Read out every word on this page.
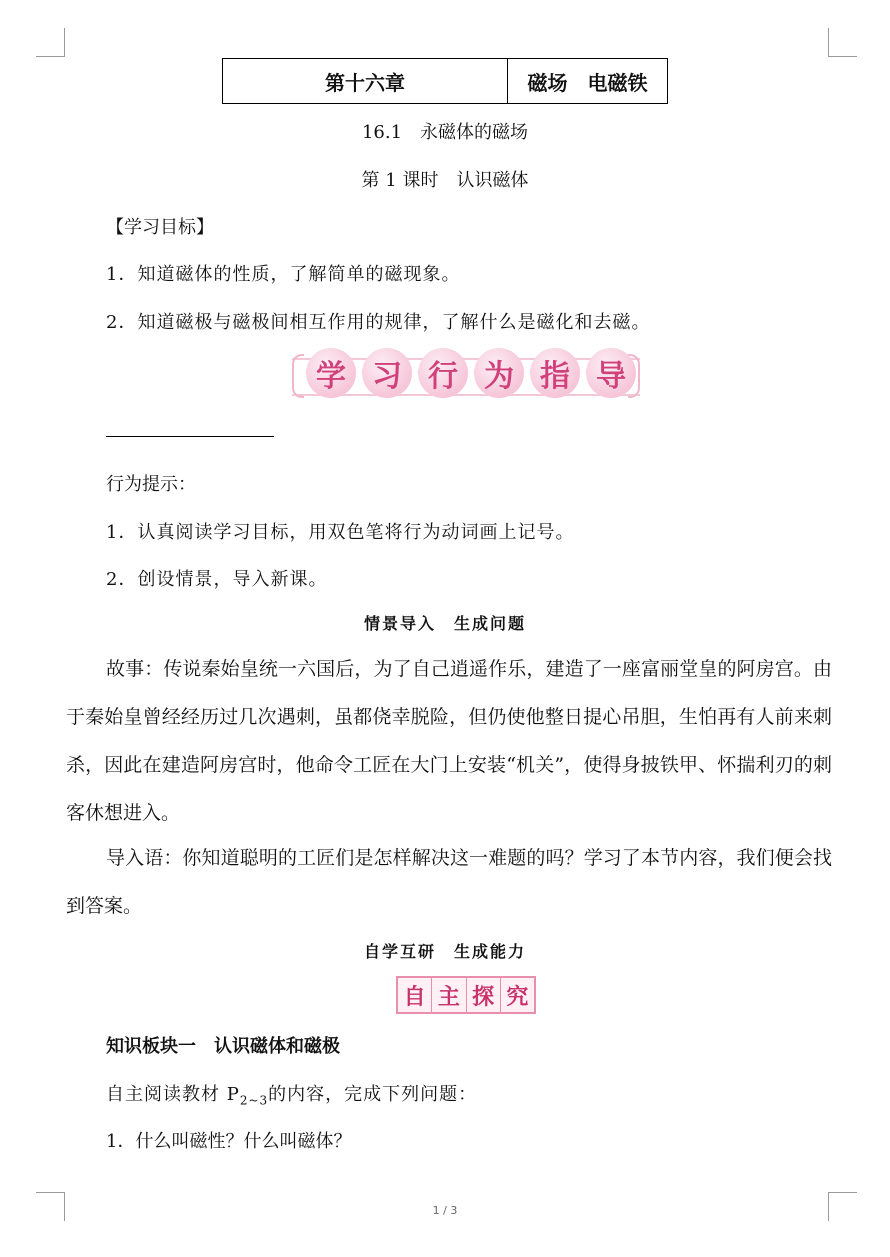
第十六章	磁场　电磁铁
16.1　永磁体的磁场
第 1 课时　认识磁体
【学习目标】
1．知道磁体的性质，了解简单的磁现象。
2．知道磁极与磁极间相互作用的规律，了解什么是磁化和去磁。
学 习 行 为 指 导
行为提示：
1．认真阅读学习目标，用双色笔将行为动词画上记号。
2．创设情景，导入新课。
情景导入　生成问题

故事：传说秦始皇统一六国后，为了自己逍遥作乐，建造了一座富丽堂皇的阿房宫。由于秦始皇曾经经历过几次遇刺，虽都侥幸脱险，但仍使他整日提心吊胆，生怕再有人前来刺杀，因此在建造阿房宫时，他命令工匠在大门上安装“机关”，使得身披铁甲、怀揣利刃的刺客休想进入。

导入语：你知道聪明的工匠们是怎样解决这一难题的吗？学习了本节内容，我们便会找到答案。

自学互研　生成能力
自 主 探 究
知识板块一　认识磁体和磁极
自主阅读教材 $P_{2\sim 3}$的内容，完成下列问题：
1．什么叫磁性？什么叫磁体？
1 / 3
